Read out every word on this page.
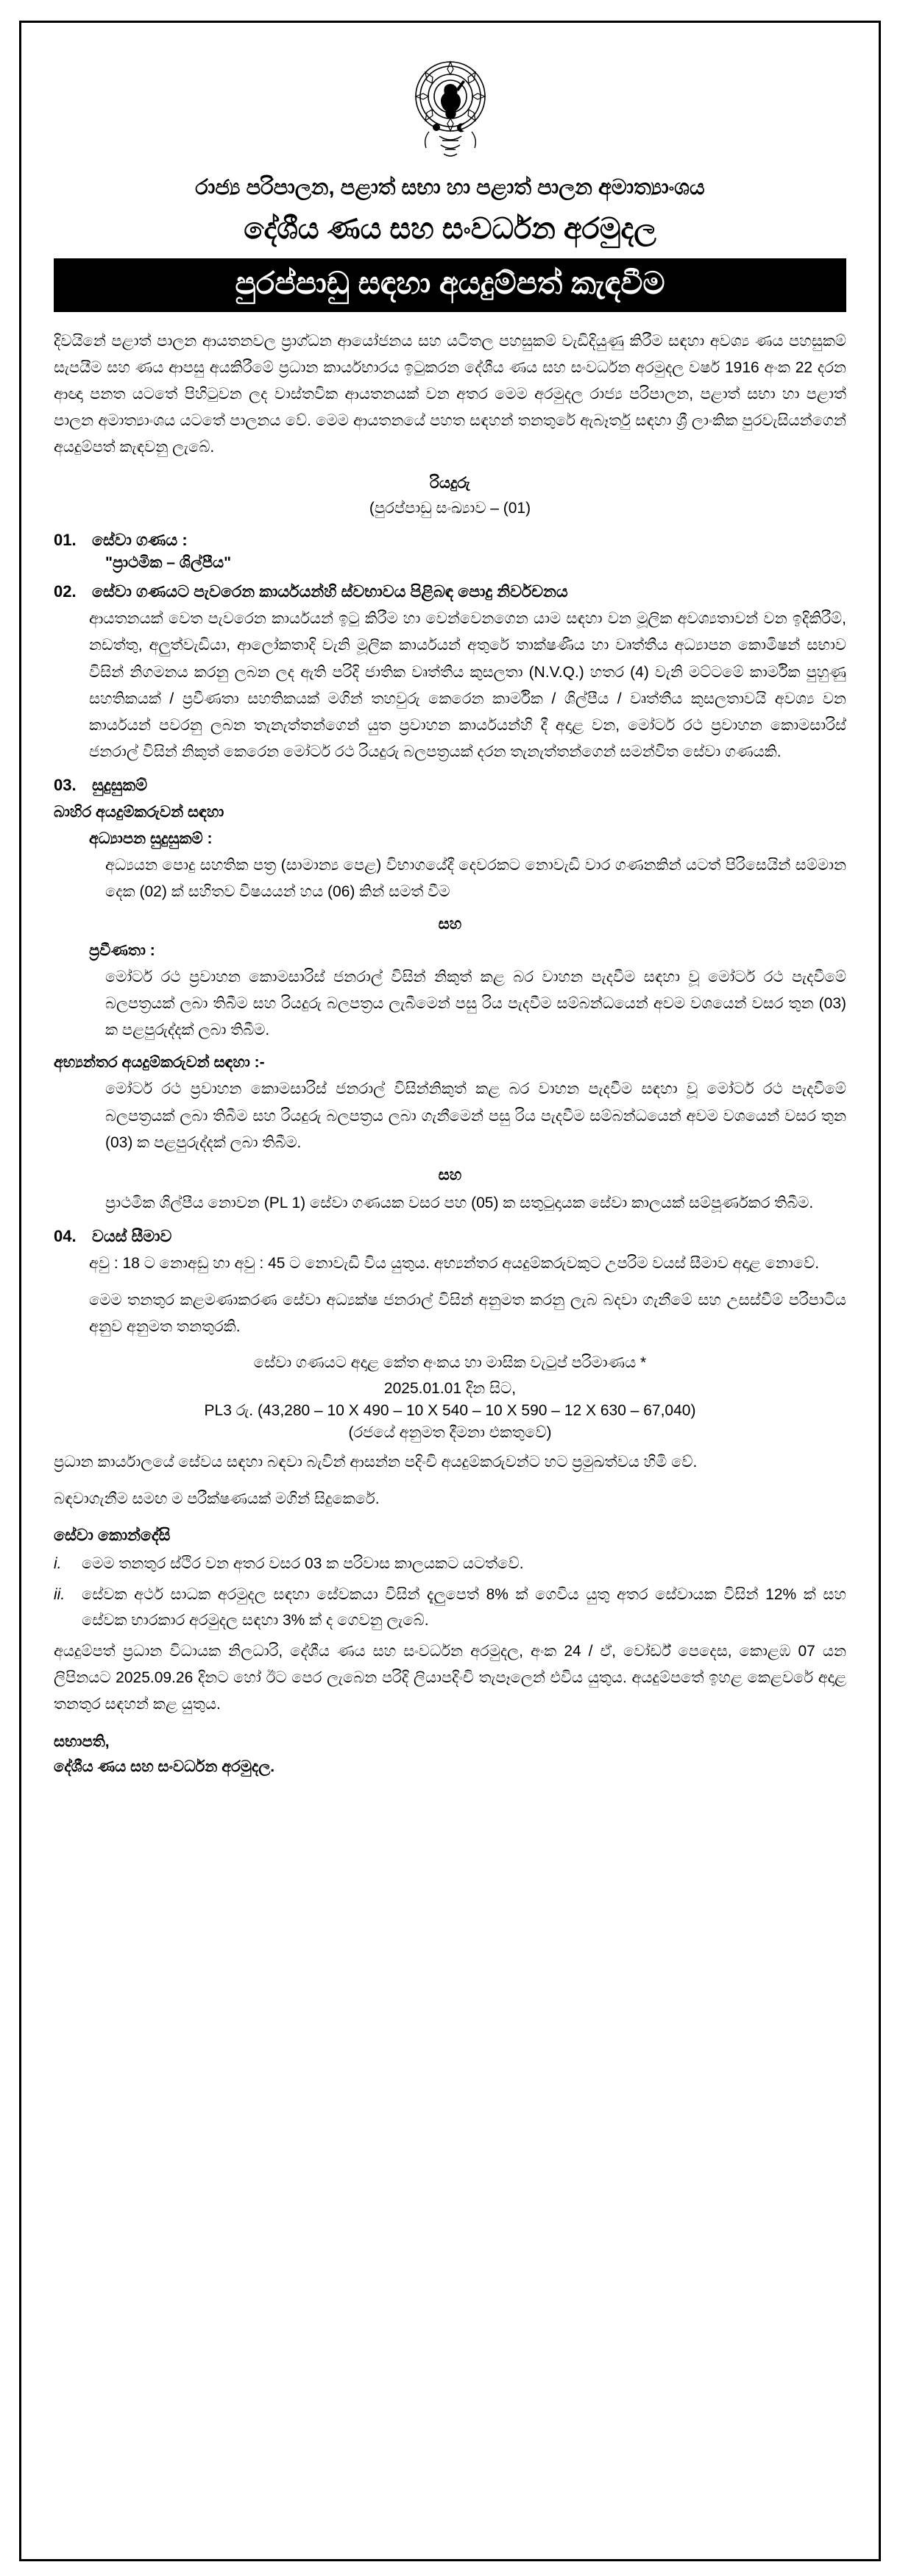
රාජ්‍ය පරිපාලන, පළාත් සභා හා පළාත් පාලන අමාත්‍යාංශය
දේශීය ණය සහ සංවර්ධන අරමුදල
පුරප්පාඩු සඳහා අයදුම්පත් කැඳවීම

දිවයිනේ පළාත් පාලන ආයතනවල ප්‍රාග්ධන ආයෝජනය සහ යටිතල පහසුකම් වැඩිදියුණු කිරීම සඳහා අවශ්‍ය ණය පහසුකම් සැපයීම සහ ණය ආපසු අයකිරීමේ ප්‍රධාන කාර්යභාරය ඉටුකරන දේශීය ණය සහ සංවර්ධන අරමුදල වර්ෂ 1916 අංක 22 දරන ආඥා පනත යටතේ පිහිටුවන ලද වාස්තවික ආයතනයක් වන අතර මෙම අරමුදල රාජ්‍ය පරිපාලන, පළාත් සභා හා පළාත් පාලන අමාත්‍යාංශය යටතේ පාලනය වේ. මෙම ආයතනයේ පහත සඳහන් තනතුරේ ඇබෑර්තු සඳහා ශ්‍රී ලාංකික පුරවැසියන්ගෙන් අයදුම්පත් කැඳවනු ලැබේ.

රියදුරු
(පුරප්පාඩු සංඛ්‍යාව – (01)
01. සේවා ගණය :
"ප්‍රාථමික – ශිල්පීය"
02. සේවා ගණයට පැවරෙන කාර්යයන්හි ස්වභාවය පිළිබඳ පොදු නිර්වචනය

ආයතනයක් වෙත පැවරෙන කාර්යයන් ඉටු කිරීම හා වෙන්වෙනගෙන යාම සඳහා වන මූලික අවශ්‍යතාවන් වන ඉදිකිරීම්, නඩත්තු, අලුත්වැඩියා, ආලෝකතාදි වැනි මූලික කාර්යයන් අතුරේ තාක්ෂණීය හා වෘත්තීය අධ්‍යාපන කොමිෂන් සභාව විසින් නිගමනය කරනු ලබන ලද ඇති පරිදි ජාතික වෘත්තීය කුසලතා (N.V.Q.) හතර (4) වැනි මට්ටමේ කාර්මික පුහුණු සහතිකයක් / ප්‍රවීණතා සහතිකයක් මගින් තහවුරු කෙරෙන කාර්මික / ශිල්පීය / වෘත්තීය කුසලතාවයි අවශ්‍ය වන කාර්යයන් පවරනු ලබන තැනැත්තන්ගෙන් යුත ප්‍රවාහන කාර්යයන්හි දී අදාළ වන, මෝටර් රථ ප්‍රවාහන කොමසාරිස් ජනරාල් විසින් නිකුත් කෙරෙන මෝටර් රථ රියදුරු බලපත්‍රයක් දරන තැනැත්තන්ගෙන් සමන්විත සේවා ගණයකි.

03. සුදුසුකම්
බාහිර අයදුම්කරුවන් සඳහා
අධ්‍යාපන සුදුසුකම් :

අධ්‍යයන පොදු සහතික පත්‍ර (සාමාන්‍ය පෙළ) විභාගයේදී දෙවරකට නොවැඩි වාර ගණනකින් යටත් පිරිසෙයින් සම්මාන දෙක (02) ක් සහිතව විෂයයන් හය (06) කින් සමත් වීම

සහ
ප්‍රවීණතා :

මෝටර් රථ ප්‍රවාහන කොමසාරිස් ජනරාල් විසින් නිකුත් කළ බර වාහන පැදවීම සඳහා වූ මෝටර් රථ පැදවීමේ බලපත්‍රයක් ලබා තිබීම සහ රියදුරු බලපත්‍රය ලැබීමෙන් පසු රිය පැදවීම සම්බන්ධයෙන් අවම වශයෙන් වසර තුන (03) ක පළපුරුද්දක් ලබා තිබීම.

අභ්‍යන්තර අයදුම්කරුවන් සඳහා :-

මෝටර් රථ ප්‍රවාහන කොමසාරිස් ජනරාල් විසින්නිකුත් කළ බර වාහන පැදවීම සඳහා වූ මෝටර් රථ පැදවීමේ බලපත්‍රයක් ලබා තිබීම සහ රියදුරු බලපත්‍රය ලබා ගැනීමෙන් පසු රිය පැදවීම සම්බන්ධයෙන් අවම වශයෙන් වසර තුන (03) ක පළපුරුද්දක් ලබා තිබීම.

සහ

ප්‍රාථමික ශිල්පීය නොවන (PL 1) සේවා ගණයක වසර පහ (05) ක සතුටුදායක සේවා කාලයක් සම්පූර්ණකර තිබීම.

04. වයස් සීමාව

අවු : 18 ට නොඅඩු හා අවු : 45 ට නොවැඩි විය යුතුය. අභ්‍යන්තර අයදුම්කරුවකුට උපරිම වයස් සීමාව අදාළ නොවේ.

මෙම තනතුර කළමණාකරණ සේවා අධ්‍යක්ෂ ජනරාල් විසින් අනුමත කරනු ලැබ බදවා ගැනීමේ සහ උසස්වීම් පරිපාටිය අනුව අනුමත තනතුරකි.

සේවා ගණයට අදාළ කේත අංකය හා මාසික වැටුප් පරිමාණය *
2025.01.01 දින සිට,
PL3 රු. (43,280 – 10 X 490 – 10 X 540 – 10 X 590 – 12 X 630 – 67,040)
(රජයේ අනුමත දීමනා එකතුවේ)

ප්‍රධාන කාර්යාලයේ සේවය සඳහා බඳවා බැවින් ආසන්න පදිංචි අයදුම්කරුවන්ට හට ප්‍රමුඛත්වය හිමි වේ.

බඳවාගැනීම සමඟ ම පරීක්ෂණයක් මගින් සිදුකෙරේ.

සේවා කොන්දේසි
i.	මෙම තනතුර ස්ථිර වන අතර වසර 03 ක පරිවාස කාලයකට යටත්වේ.
ii.	සේවක අර්ථ සාධක අරමුදල සඳහා සේවකයා විසින් දැලුපෙත් 8% ක් ගෙවිය යුතු අතර සේවායක විසින් 12% ක් සහ සේවක භාරකාර අරමුදල සඳහා 3% ක් ද ගෙවනු ලැබේ.

අයදුම්පත් ප්‍රධාන විධායක නිලධාරි, දේශීය ණය සහ සංවර්ධන අරමුදල, අංක 24 / ඒ, වෝර්ඩ් පෙදෙස, කොළඹ 07 යන ලිපිනයට 2025.09.26 දිනට හෝ ඊට පෙර ලැබෙන පරිදි ලියාපදිංචි තැපෑලෙන් එවිය යුතුය. අයදුම්පතේ ඉහළ කෙළවරේ අදාළ තනතුර සඳහන් කළ යුතුය.

සභාපති,
දේශීය ණය සහ සංවර්ධන අරමුදල.
